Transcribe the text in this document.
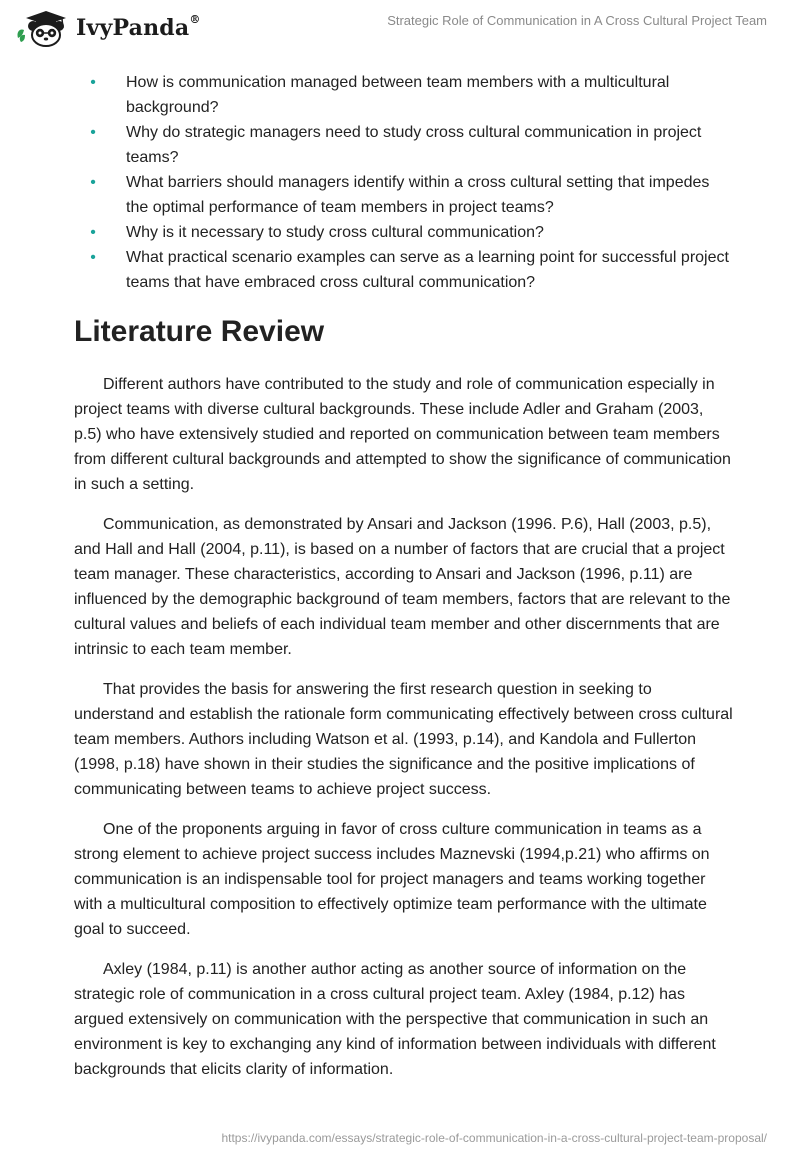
IvyPanda®	Strategic Role of Communication in A Cross Cultural Project Team
• How is communication managed between team members with a multicultural background?
• Why do strategic managers need to study cross cultural communication in project teams?
• What barriers should managers identify within a cross cultural setting that impedes the optimal performance of team members in project teams?
• Why is it necessary to study cross cultural communication?
• What practical scenario examples can serve as a learning point for successful project teams that have embraced cross cultural communication?
Literature Review

Different authors have contributed to the study and role of communication especially in project teams with diverse cultural backgrounds. These include Adler and Graham (2003, p.5) who have extensively studied and reported on communication between team members from different cultural backgrounds and attempted to show the significance of communication in such a setting.

Communication, as demonstrated by Ansari and Jackson (1996. P.6), Hall (2003, p.5), and Hall and Hall (2004, p.11), is based on a number of factors that are crucial that a project team manager. These characteristics, according to Ansari and Jackson (1996, p.11) are influenced by the demographic background of team members, factors that are relevant to the cultural values and beliefs of each individual team member and other discernments that are intrinsic to each team member.

That provides the basis for answering the first research question in seeking to understand and establish the rationale form communicating effectively between cross cultural team members. Authors including Watson et al. (1993, p.14), and Kandola and Fullerton (1998, p.18) have shown in their studies the significance and the positive implications of communicating between teams to achieve project success.

One of the proponents arguing in favor of cross culture communication in teams as a strong element to achieve project success includes Maznevski (1994,p.21) who affirms on communication is an indispensable tool for project managers and teams working together with a multicultural composition to effectively optimize team performance with the ultimate goal to succeed.

Axley (1984, p.11) is another author acting as another source of information on the strategic role of communication in a cross cultural project team. Axley (1984, p.12) has argued extensively on communication with the perspective that communication in such an environment is key to exchanging any kind of information between individuals with different backgrounds that elicits clarity of information.

https://ivypanda.com/essays/strategic-role-of-communication-in-a-cross-cultural-project-team-proposal/
